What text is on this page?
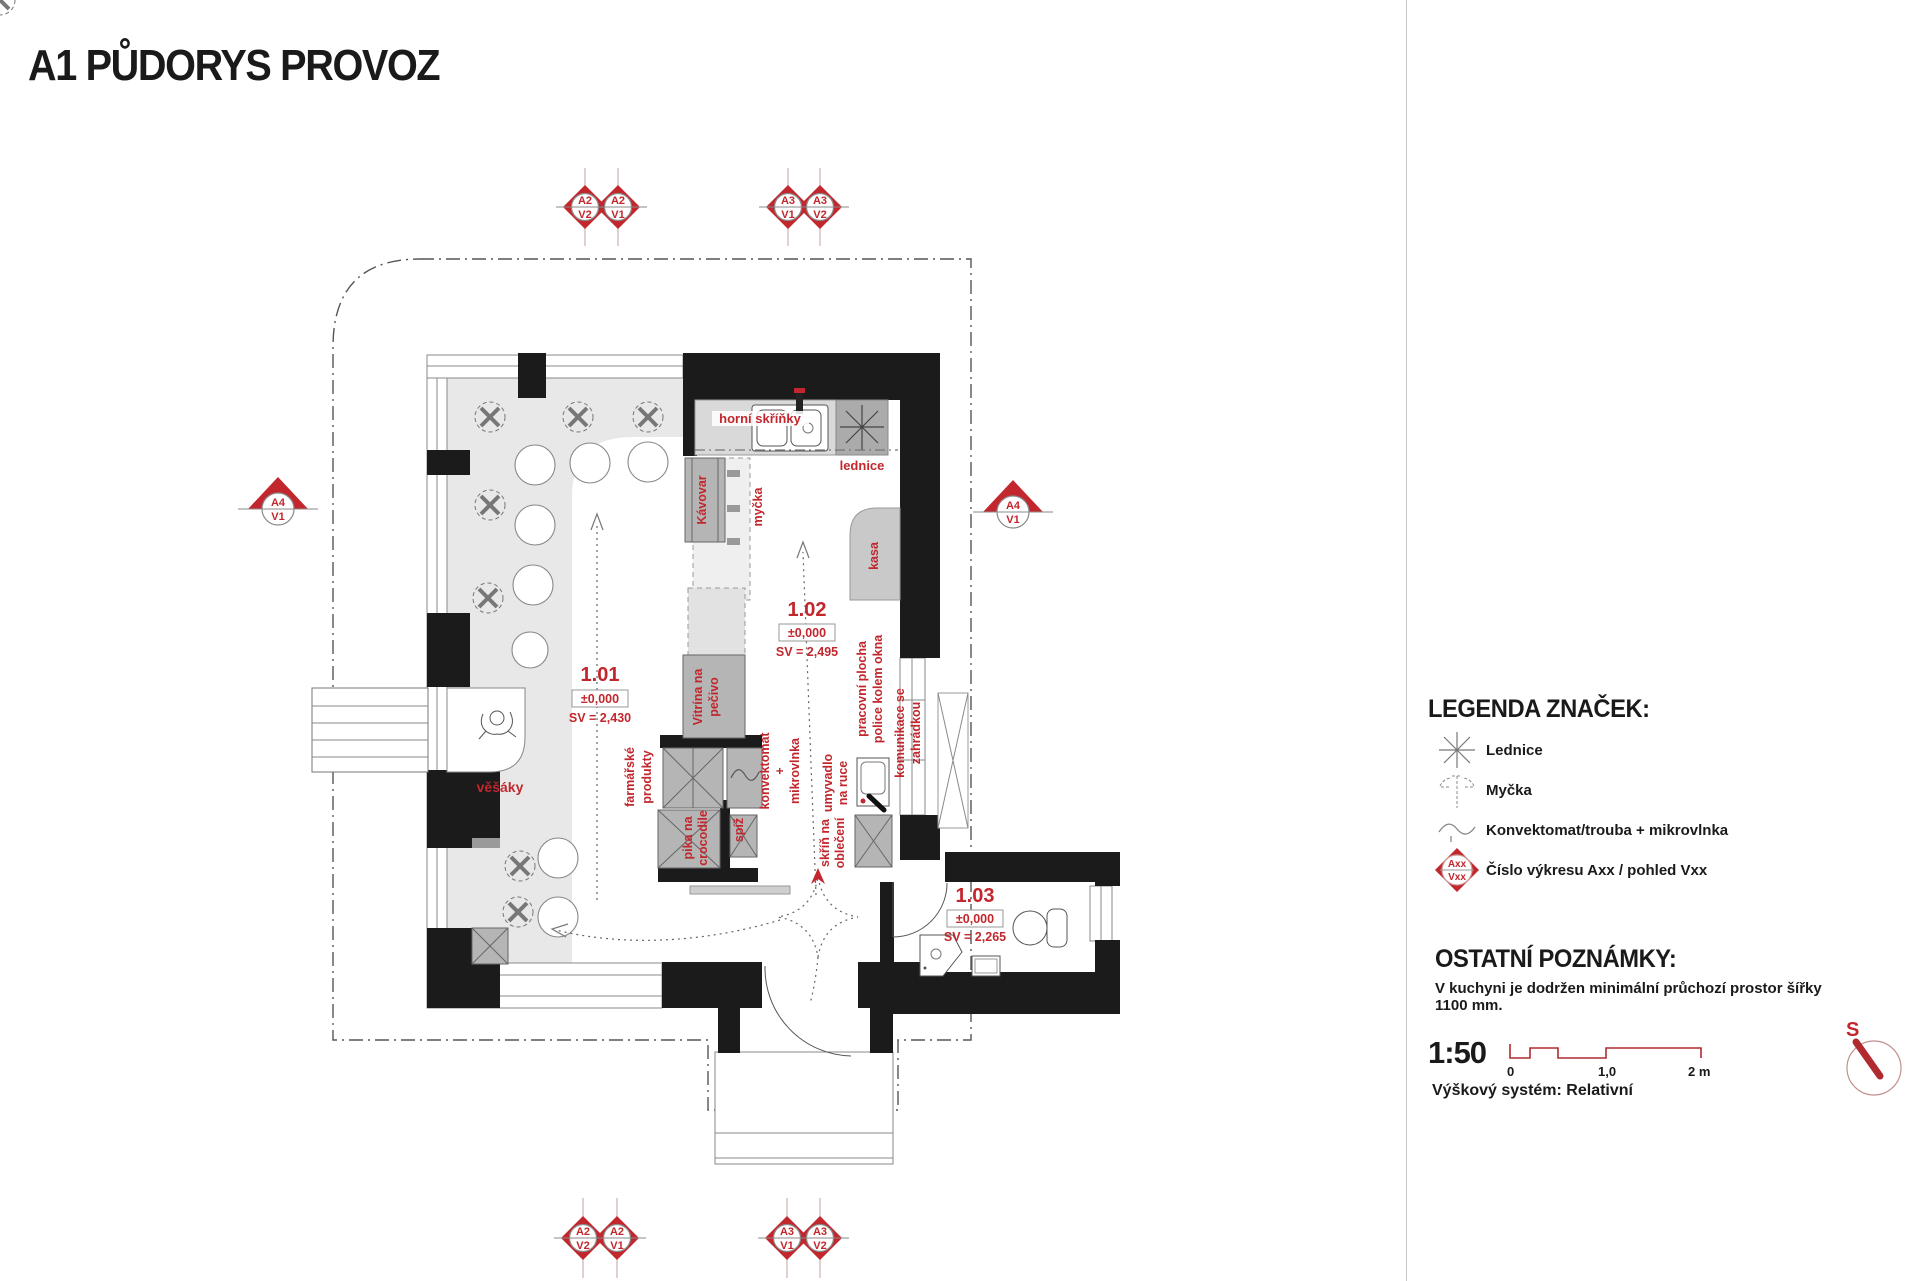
A1 PŮDORYS PROVOZ
horní skříňky
lednice
věšáky
Kávovar	myčka
kasa
pracovní plocha police kolem okna komunikace se zahrádkou
Vitrína na pečivo
farmářské produkty	konvektomat + mikrovlnka umyvadlo na ruce
skříň na oblečení
spíž
pika na crocodile
1.01
±0,000
SV = 2,430
1.02
±0,000
SV = 2,495
1.03
±0,000
SV = 2,265
A2
V2
A2
V1
A3
V1
A3
V2
A2
V2
A2
V1
A3
V1
A3
V2
A4
V1
A4
V1
LEGENDA ZNAČEK:
Lednice
Myčka
Konvektomat/trouba + mikrovlnka
Axx
Vxx Číslo výkresu Axx / pohled Vxx
OSTATNÍ POZNÁMKY:

V kuchyni je dodržen minimální průchozí prostor šířky 1100 mm.

1:50
0	1,0	2 m
Výškový systém: Relativní
S
